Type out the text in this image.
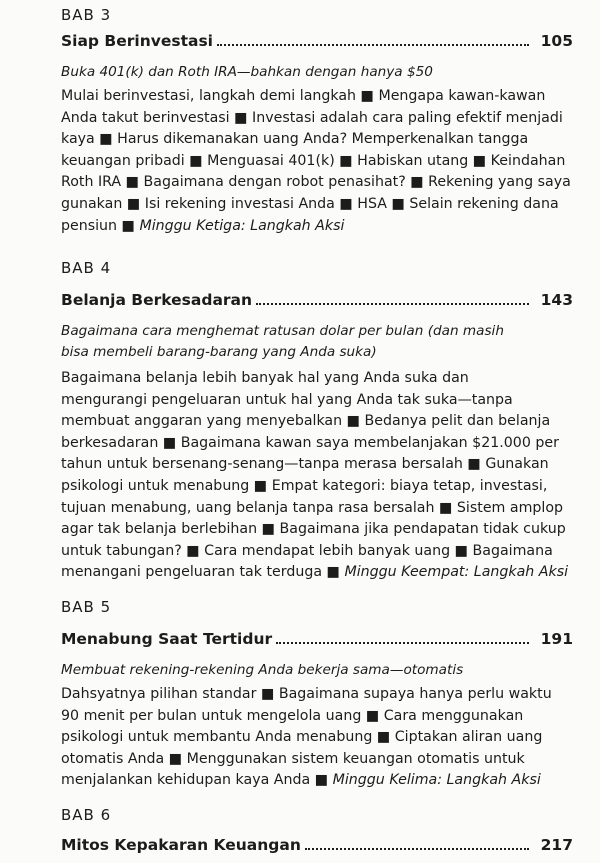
BAB 3
Siap Berinvestasi	105
Buka 401(k) dan Roth IRA—bahkan dengan hanya $50
Mulai berinvestasi, langkah demi langkah ■ Mengapa kawan-kawan
Anda takut berinvestasi ■ Investasi adalah cara paling efektif menjadi
kaya ■ Harus dikemanakan uang Anda? Memperkenalkan tangga
keuangan pribadi ■ Menguasai 401(k) ■ Habiskan utang ■ Keindahan
Roth IRA ■ Bagaimana dengan robot penasihat? ■ Rekening yang saya
gunakan ■ Isi rekening investasi Anda ■ HSA ■ Selain rekening dana
pensiun ■ Minggu Ketiga: Langkah Aksi
BAB 4
Belanja Berkesadaran	143
Bagaimana cara menghemat ratusan dolar per bulan (dan masih bisa membeli barang-barang yang Anda suka)
Bagaimana belanja lebih banyak hal yang Anda suka dan
mengurangi pengeluaran untuk hal yang Anda tak suka—tanpa
membuat anggaran yang menyebalkan ■ Bedanya pelit dan belanja
berkesadaran ■ Bagaimana kawan saya membelanjakan $21.000 per
tahun untuk bersenang-senang—tanpa merasa bersalah ■ Gunakan
psikologi untuk menabung ■ Empat kategori: biaya tetap, investasi,
tujuan menabung, uang belanja tanpa rasa bersalah ■ Sistem amplop
agar tak belanja berlebihan ■ Bagaimana jika pendapatan tidak cukup
untuk tabungan? ■ Cara mendapat lebih banyak uang ■ Bagaimana
menangani pengeluaran tak terduga ■ Minggu Keempat: Langkah Aksi
BAB 5
Menabung Saat Tertidur	191
Membuat rekening-rekening Anda bekerja sama—otomatis
Dahsyatnya pilihan standar ■ Bagaimana supaya hanya perlu waktu
90 menit per bulan untuk mengelola uang ■ Cara menggunakan
psikologi untuk membantu Anda menabung ■ Ciptakan aliran uang
otomatis Anda ■ Menggunakan sistem keuangan otomatis untuk
menjalankan kehidupan kaya Anda ■ Minggu Kelima: Langkah Aksi
BAB 6
Mitos Kepakaran Keuangan	217
